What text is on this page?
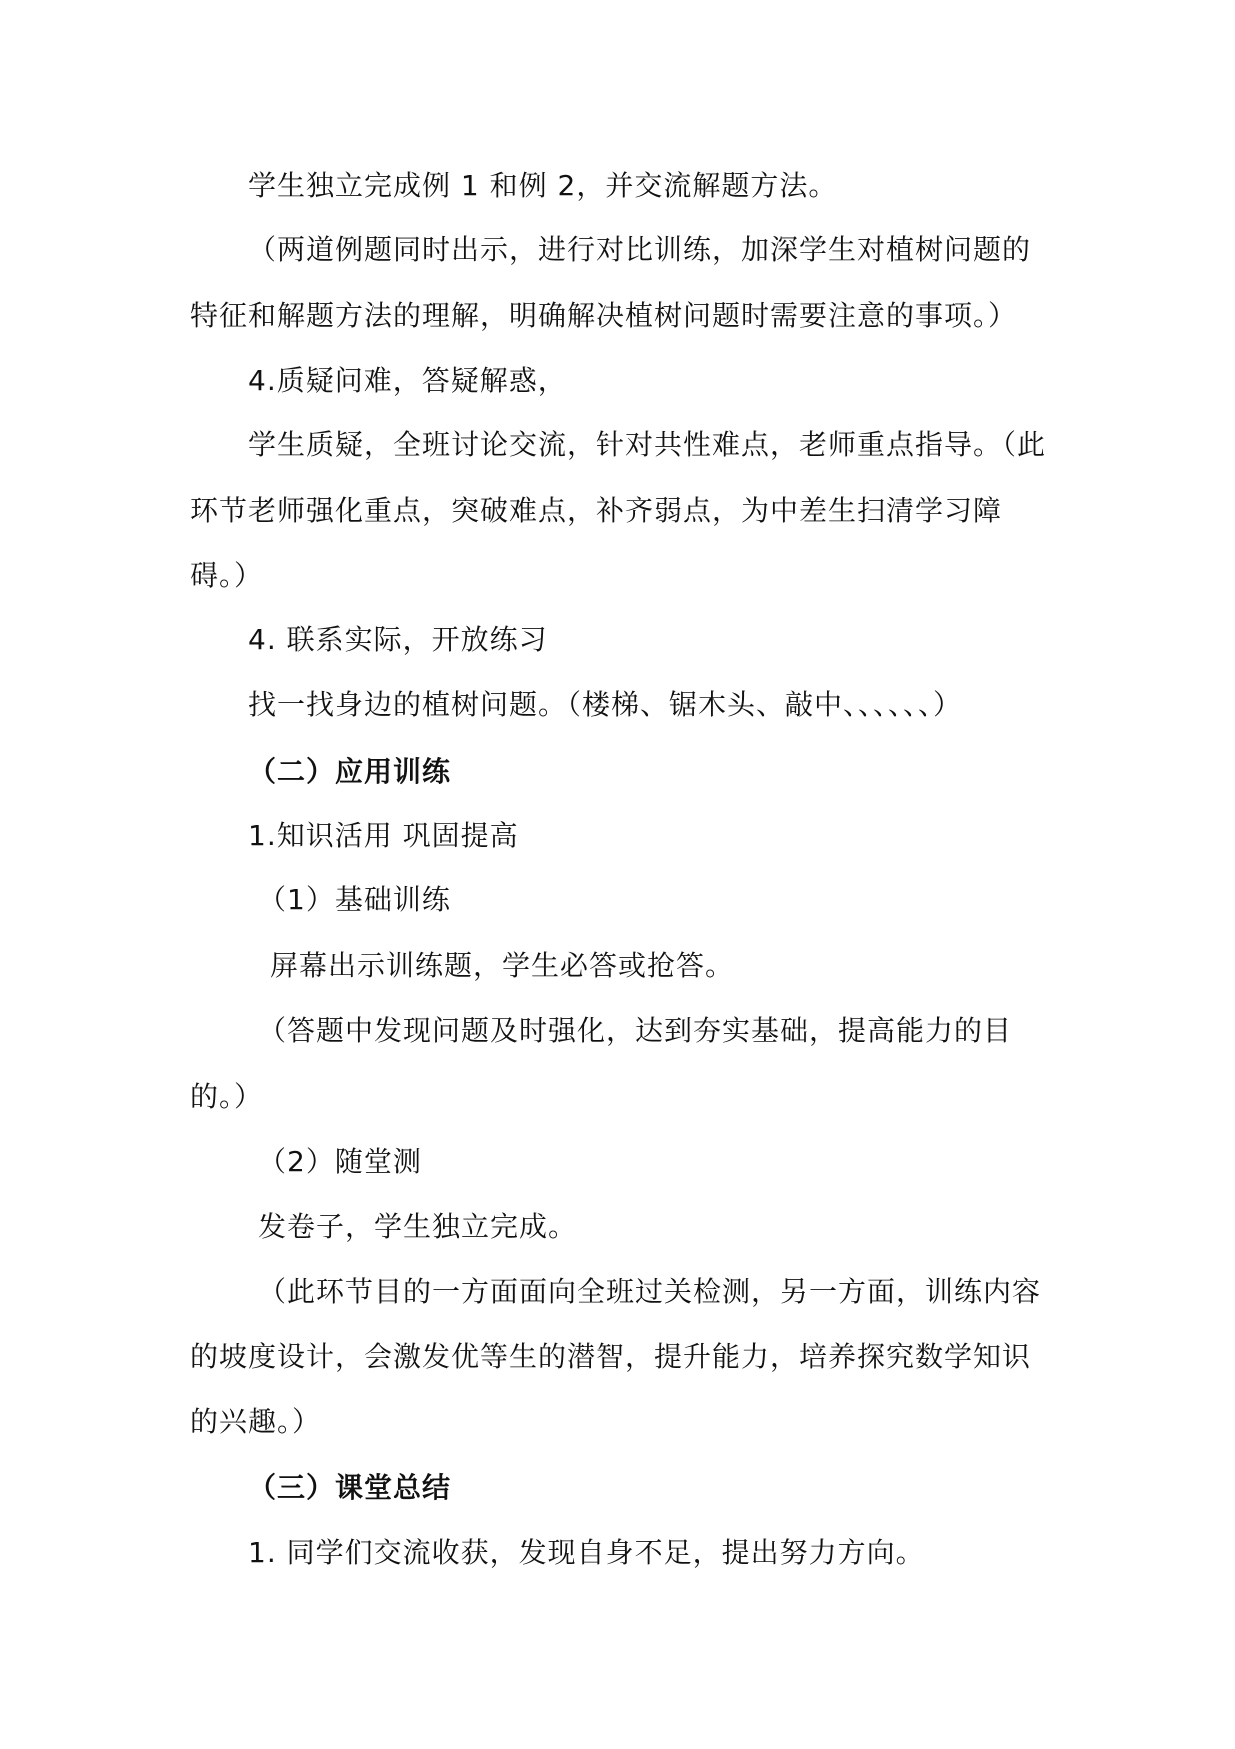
学生独立完成例 1 和例 2，并交流解题方法。
（两道例题同时出示，进行对比训练，加深学生对植树问题的
特征和解题方法的理解，明确解决植树问题时需要注意的事项。）
4.质疑问难，答疑解惑，
学生质疑，全班讨论交流，针对共性难点，老师重点指导。（此
环节老师强化重点，突破难点，补齐弱点，为中差生扫清学习障
碍。）
4. 联系实际，开放练习
找一找身边的植树问题。（楼梯、锯木头、敲中、、、、、、）
（二）应用训练
1.知识活用 巩固提高
（1）基础训练
屏幕出示训练题，学生必答或抢答。
（答题中发现问题及时强化，达到夯实基础，提高能力的目
的。）
（2）随堂测
发卷子，学生独立完成。
（此环节目的一方面面向全班过关检测，另一方面，训练内容
的坡度设计，会激发优等生的潜智，提升能力，培养探究数学知识
的兴趣。）
（三）课堂总结
1. 同学们交流收获，发现自身不足，提出努力方向。
